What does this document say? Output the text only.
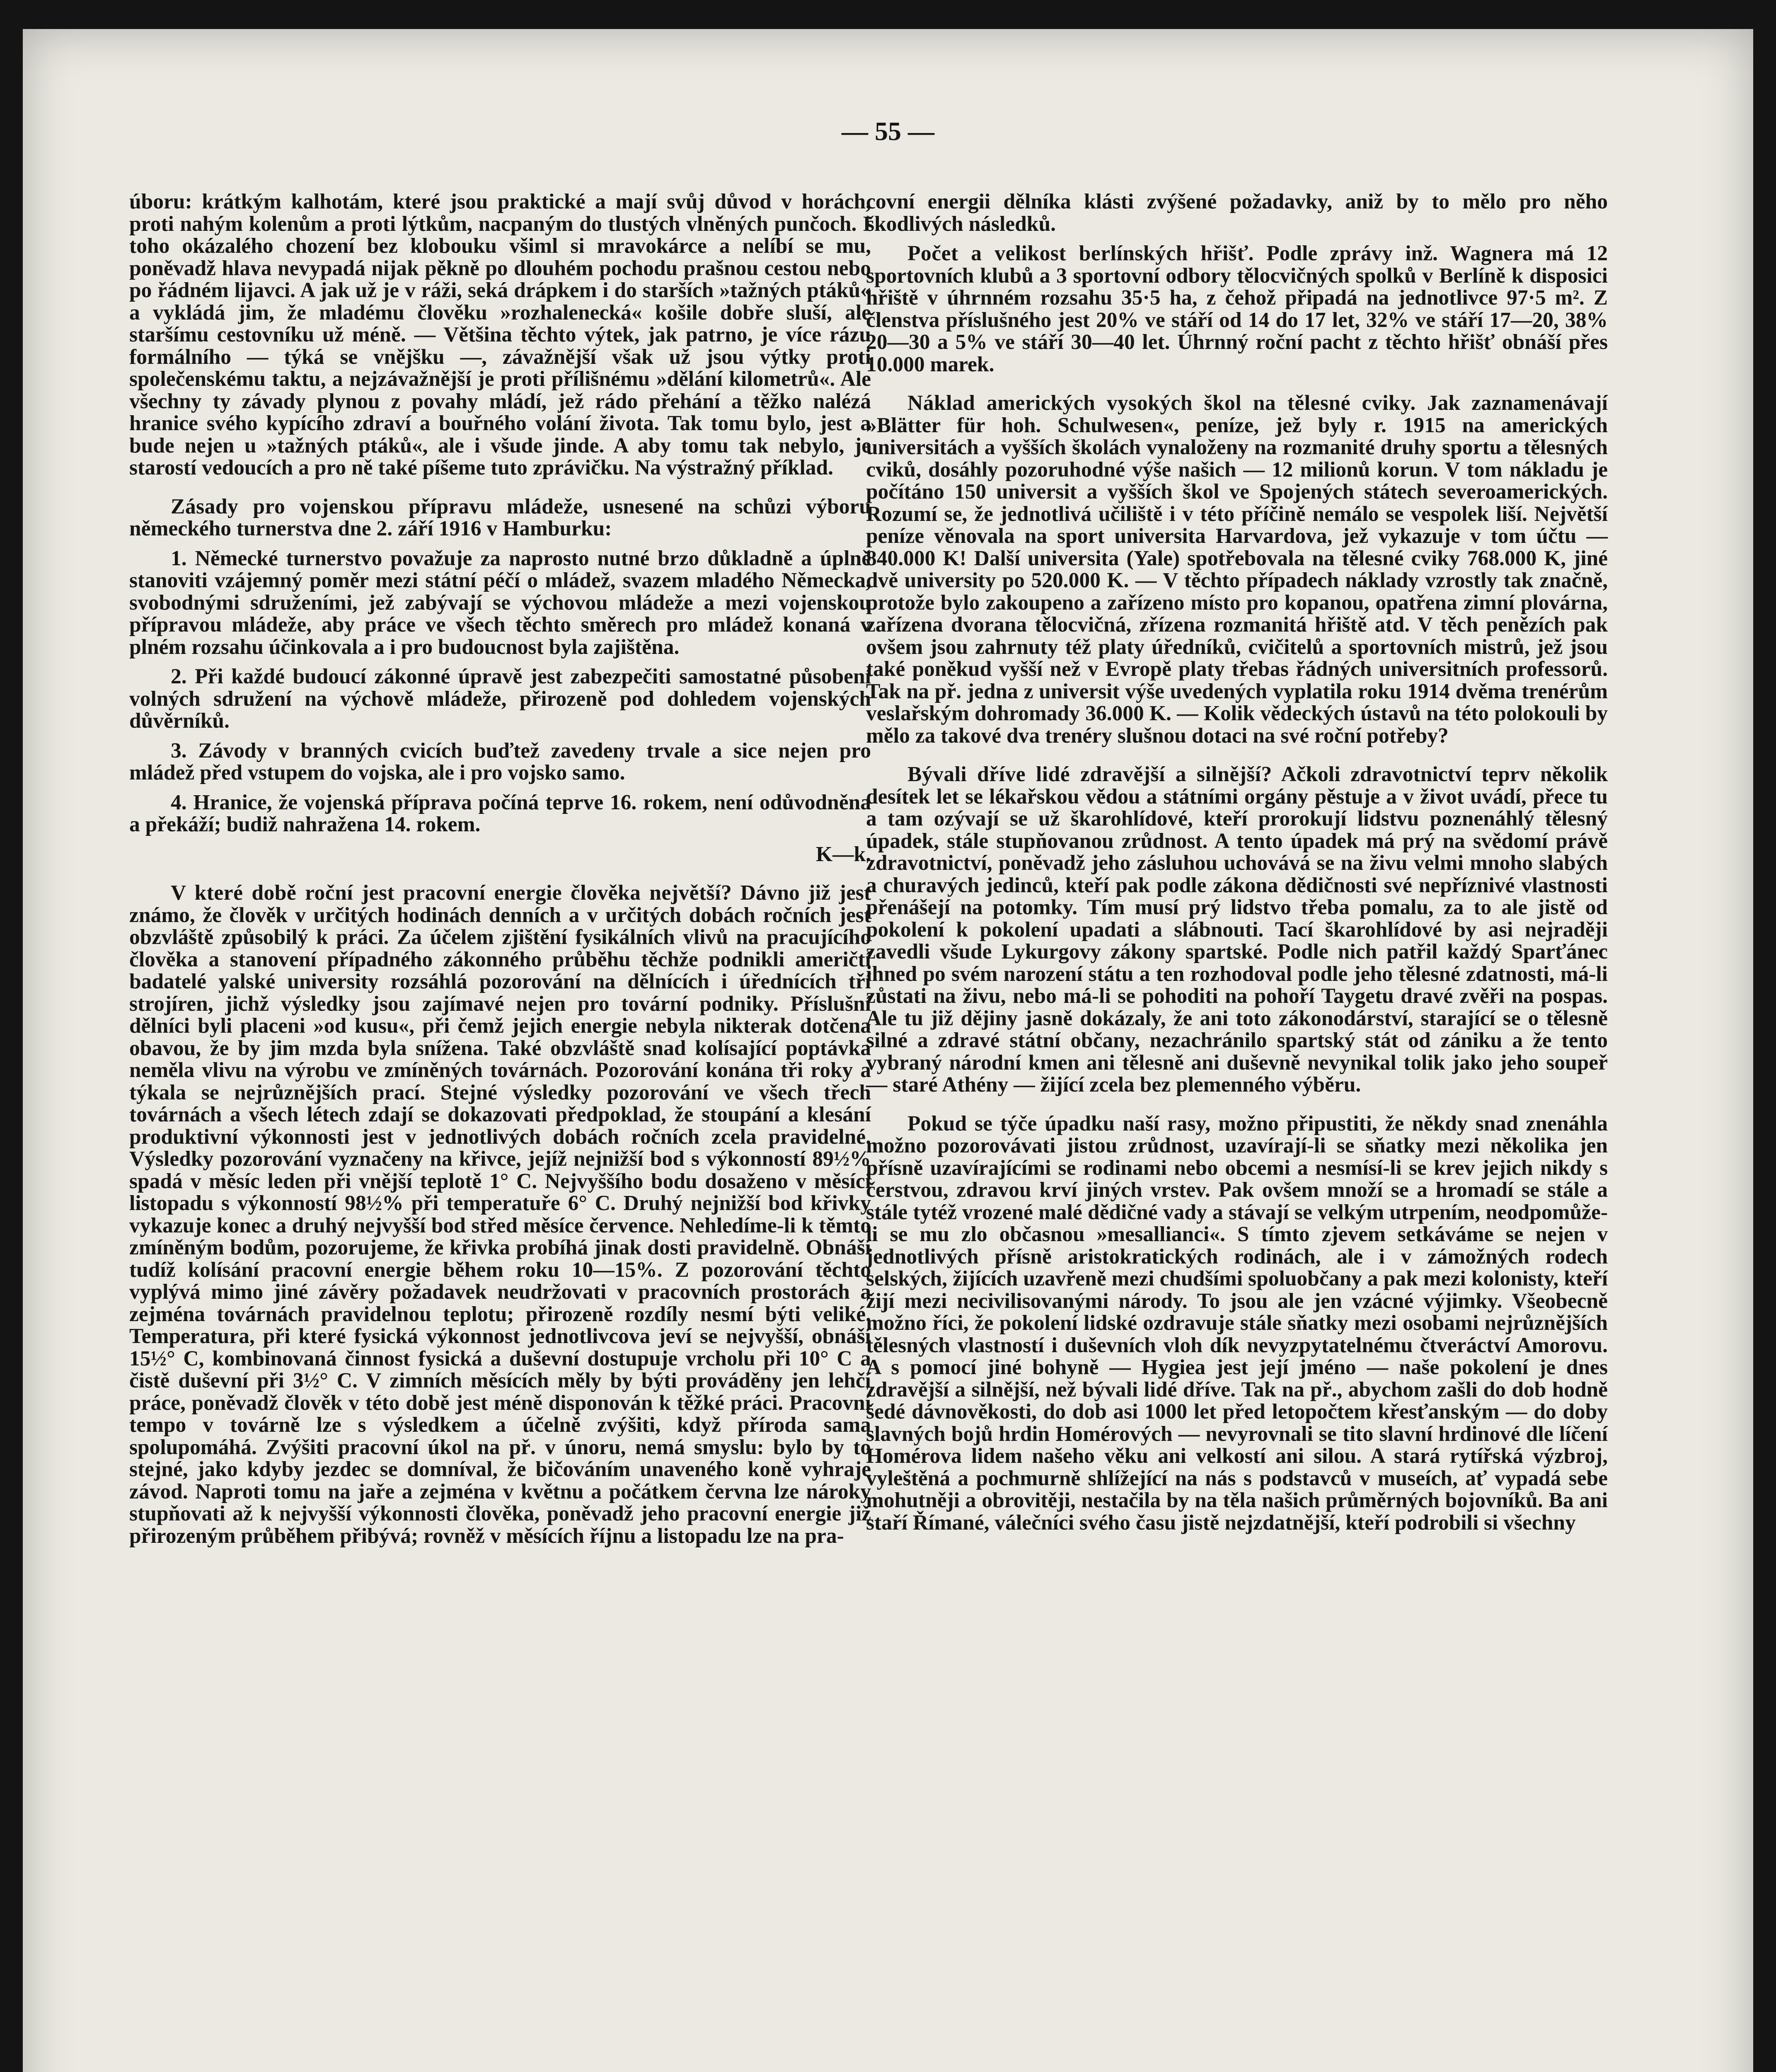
— 55 —

úboru: krátkým kalhotám, které jsou praktické a mají svůj důvod v horách, proti nahým kolenům a proti lýtkům, nacpaným do tlustých vlněných punčoch. I toho okázalého chození bez klobouku všiml si mravokárce a nelíbí se mu, poněvadž hlava nevypadá nijak pěkně po dlouhém pochodu prašnou cestou nebo po řádném lijavci. A jak už je v ráži, seká drápkem i do starších »tažných ptáků« a vykládá jim, že mladému člověku »rozhalenecká« košile dobře sluší, ale staršímu cestovníku už méně. — Většina těchto výtek, jak patrno, je více rázu formálního — týká se vnějšku —, závažnější však už jsou výtky proti společenskému taktu, a nejzávažnější je proti přílišnému »dělání kilometrů«. Ale všechny ty závady plynou z povahy mládí, jež rádo přehání a těžko nalézá hranice svého kypícího zdraví a bouřného volání života. Tak tomu bylo, jest a bude nejen u »tažných ptáků«, ale i všude jinde. A aby tomu tak nebylo, je starostí vedoucích a pro ně také píšeme tuto zprávičku. Na výstražný příklad.

Zásady pro vojenskou přípravu mládeže, usnesené na schůzi výboru německého turnerstva dne 2. září 1916 v Hamburku:

1. Německé turnerstvo považuje za naprosto nutné brzo důkladně a úplně stanoviti vzájemný poměr mezi státní péčí o mládež, svazem mladého Německa, svobodnými sdruženími, jež zabývají se výchovou mládeže a mezi vojenskou přípravou mládeže, aby práce ve všech těchto směrech pro mládež konaná v plném rozsahu účinkovala a i pro budoucnost byla zajištěna.

2. Při každé budoucí zákonné úpravě jest zabezpečiti samostatné působení volných sdružení na výchově mládeže, přirozeně pod dohledem vojenských důvěrníků.

3. Závody v branných cvicích buďtež zavedeny trvale a sice nejen pro mládež před vstupem do vojska, ale i pro vojsko samo.

4. Hranice, že vojenská příprava počíná teprve 16. rokem, není odůvodněna a překáží; budiž nahražena 14. rokem.

K—k.

V které době roční jest pracovní energie člověka největší? Dávno již jest známo, že člověk v určitých hodinách denních a v určitých dobách ročních jest obzvláště způsobilý k práci. Za účelem zjištění fysikálních vlivů na pracujícího člověka a stanovení případného zákonného průběhu těchže podnikli američtí badatelé yalské university rozsáhlá pozorování na dělnících i úřednících tří strojíren, jichž výsledky jsou zajímavé nejen pro tovární podniky. Příslušní dělníci byli placeni »od kusu«, při čemž jejich energie nebyla nikterak dotčena obavou, že by jim mzda byla snížena. Také obzvláště snad kolísající poptávka neměla vlivu na výrobu ve zmíněných továrnách. Pozorování konána tři roky a týkala se nejrůznějších prací. Stejné výsledky pozorování ve všech třech továrnách a všech létech zdají se dokazovati předpoklad, že stoupání a klesání produktivní výkonnosti jest v jednotlivých dobách ročních zcela pravidelné. Výsledky pozorování vyznačeny na křivce, jejíž nejnižší bod s výkonností 89½% spadá v měsíc leden při vnější teplotě 1° C. Nejvyššího bodu dosaženo v měsíci listopadu s výkonností 98½% při temperatuře 6° C. Druhý nejnižší bod křivky vykazuje konec a druhý nejvyšší bod střed měsíce července. Nehledíme-li k těmto zmíněným bodům, pozorujeme, že křivka probíhá jinak dosti pravidelně. Obnáší tudíž kolísání pracovní energie během roku 10—15%. Z pozorování těchto vyplývá mimo jiné závěry požadavek neudržovati v pracovních prostorách a zejména továrnách pravidelnou teplotu; přirozeně rozdíly nesmí býti veliké. Temperatura, při které fysická výkonnost jednotlivcova jeví se nejvyšší, obnáší 15½° C, kombinovaná činnost fysická a duševní dostupuje vrcholu při 10° C a čistě duševní při 3½° C. V zimních měsících měly by býti prováděny jen lehčí práce, poněvadž člověk v této době jest méně disponován k těžké práci. Pracovní tempo v továrně lze s výsledkem a účelně zvýšiti, když příroda sama spolupomáhá. Zvýšiti pracovní úkol na př. v únoru, nemá smyslu: bylo by to stejné, jako kdyby jezdec se domníval, že bičováním unaveného koně vyhraje závod. Naproti tomu na jaře a zejména v květnu a počátkem června lze nároky stupňovati až k nejvyšší výkonnosti člověka, poněvadž jeho pracovní energie již přirozeným průběhem přibývá; rovněž v měsících říjnu a listopadu lze na pra-

covní energii dělníka klásti zvýšené požadavky, aniž by to mělo pro něho škodlivých následků.

Počet a velikost berlínských hřišť. Podle zprávy inž. Wagnera má 12 sportovních klubů a 3 sportovní odbory tělocvičných spolků v Berlíně k disposici hřiště v úhrnném rozsahu 35·5 ha, z čehož připadá na jednotlivce 97·5 m². Z členstva příslušného jest 20% ve stáří od 14 do 17 let, 32% ve stáří 17—20, 38% 20—30 a 5% ve stáří 30—40 let. Úhrnný roční pacht z těchto hřišť obnáší přes 10.000 marek.

Náklad amerických vysokých škol na tělesné cviky. Jak zaznamenávají »Blätter für hoh. Schulwesen«, peníze, jež byly r. 1915 na amerických universitách a vyšších školách vynaloženy na rozmanité druhy sportu a tělesných cviků, dosáhly pozoruhodné výše našich — 12 milionů korun. V tom nákladu je počítáno 150 universit a vyšších škol ve Spojených státech severoamerických. Rozumí se, že jednotlivá učiliště i v této příčině nemálo se vespolek liší. Největší peníze věnovala na sport universita Harvardova, jež vykazuje v tom účtu — 840.000 K! Další universita (Yale) spotřebovala na tělesné cviky 768.000 K, jiné dvě university po 520.000 K. — V těchto případech náklady vzrostly tak značně, protože bylo zakoupeno a zařízeno místo pro kopanou, opatřena zimní plovárna, zařízena dvorana tělocvičná, zřízena rozmanitá hřiště atd. V těch penězích pak ovšem jsou zahrnuty též platy úředníků, cvičitelů a sportovních mistrů, jež jsou také poněkud vyšší než v Evropě platy třebas řádných universitních professorů. Tak na př. jedna z universit výše uvedených vyplatila roku 1914 dvěma trenérům veslařským dohromady 36.000 K. — Kolik vědeckých ústavů na této polokouli by mělo za takové dva trenéry slušnou dotaci na své roční potřeby?

Bývali dříve lidé zdravější a silnější? Ačkoli zdravotnictví teprv několik desítek let se lékařskou vědou a státními orgány pěstuje a v život uvádí, přece tu a tam ozývají se už škarohlídové, kteří prorokují lidstvu poznenáhlý tělesný úpadek, stále stupňovanou zrůdnost. A tento úpadek má prý na svědomí právě zdravotnictví, poněvadž jeho zásluhou uchovává se na živu velmi mnoho slabých a churavých jedinců, kteří pak podle zákona dědičnosti své nepříznivé vlastnosti přenášejí na potomky. Tím musí prý lidstvo třeba pomalu, za to ale jistě od pokolení k pokolení upadati a slábnouti. Tací škarohlídové by asi nejraději zavedli všude Lykurgovy zákony spartské. Podle nich patřil každý Sparťánec ihned po svém narození státu a ten rozhodoval podle jeho tělesné zdatnosti, má-li zůstati na živu, nebo má-li se pohoditi na pohoří Taygetu dravé zvěři na pospas. Ale tu již dějiny jasně dokázaly, že ani toto zákonodárství, starající se o tělesně silné a zdravé státní občany, nezachránilo spartský stát od zániku a že tento vybraný národní kmen ani tělesně ani duševně nevynikal tolik jako jeho soupeř — staré Athény — žijící zcela bez plemenného výběru.

Pokud se týče úpadku naší rasy, možno připustiti, že někdy snad znenáhla možno pozorovávati jistou zrůdnost, uzavírají-li se sňatky mezi několika jen přísně uzavírajícími se rodinami nebo obcemi a nesmísí-li se krev jejich nikdy s čerstvou, zdravou krví jiných vrstev. Pak ovšem množí se a hromadí se stále a stále tytéž vrozené malé dědičné vady a stávají se velkým utrpením, neodpomůže-li se mu zlo občasnou »mesallianci«. S tímto zjevem setkáváme se nejen v jednotlivých přísně aristokratických rodinách, ale i v zámožných rodech selských, žijících uzavřeně mezi chudšími spoluobčany a pak mezi kolonisty, kteří žijí mezi necivilisovanými národy. To jsou ale jen vzácné výjimky. Všeobecně možno říci, že pokolení lidské ozdravuje stále sňatky mezi osobami nejrůznějších tělesných vlastností i duševních vloh dík nevyzpytatelnému čtveráctví Amorovu. A s pomocí jiné bohyně — Hygiea jest její jméno — naše pokolení je dnes zdravější a silnější, než bývali lidé dříve. Tak na př., abychom zašli do dob hodně šedé dávnověkosti, do dob asi 1000 let před letopočtem křesťanským — do doby slavných bojů hrdin Homérových — nevyrovnali se tito slavní hrdinové dle líčení Homérova lidem našeho věku ani velkostí ani silou. A stará rytířská výzbroj, vyleštěná a pochmurně shlížející na nás s podstavců v museích, ať vypadá sebe mohutněji a obrovitěji, nestačila by na těla našich průměrných bojovníků. Ba ani staří Římané, válečníci svého času jistě nejzdatnější, kteří podrobili si všechny
